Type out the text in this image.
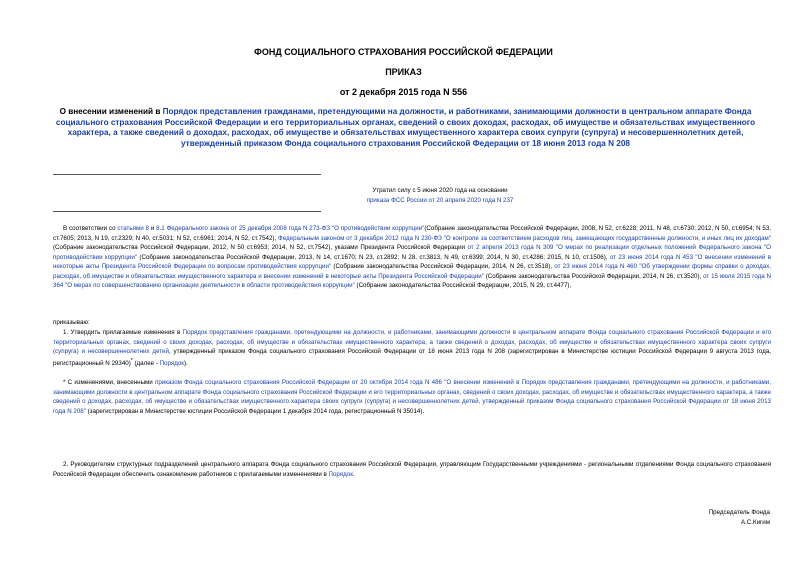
ФОНД СОЦИАЛЬНОГО СТРАХОВАНИЯ РОССИЙСКОЙ ФЕДЕРАЦИИ
ПРИКАЗ
от 2 декабря 2015 года N 556
О внесении изменений в Порядок представления гражданами, претендующими на должности, и работниками, занимающими должности в центральном аппарате Фонда социального страхования Российской Федерации и его территориальных органах, сведений о своих доходах, расходах, об имуществе и обязательствах имущественного характера, а также сведений о доходах, расходах, об имуществе и обязательствах имущественного характера своих супруги (супруга) и несовершеннолетних детей, утвержденный приказом Фонда социального страхования Российской Федерации от 18 июня 2013 года N 208
Утратил силу с 5 июня 2020 года на основании
приказа ФСС России от 20 апреля 2020 года N 237
В соответствии со статьями 8 и 8.1 Федерального закона от 25 декабря 2008 года N 273-ФЗ "О противодействии коррупции"(Собрание законодательства Российской Федерации, 2008, N 52, ст.6228; 2011, N 48, ст.6730; 2012, N 50, ст.6954; N 53, ст.7605; 2013, N 19, ст.2329; N 40, ст.5031; N 52, ст.6961; 2014, N 52, ст.7542), Федеральным законом от 3 декабря 2012 года N 230-ФЗ "О контроле за соответствием расходов лиц, замещающих государственные должности, и иных лиц их доходам" (Собрание законодательства Российской Федерации, 2012, N 50 ст.6953; 2014, N 52, ст.7542), указами Президента Российской Федерации от 2 апреля 2013 года N 309 "О мерах по реализации отдельных положений Федерального закона "О противодействии коррупции" (Собрание законодательства Российской Федерации, 2013, N 14, ст.1670; N 23, ст.2892; N 28, ст.3813, N 49, ст.6399; 2014, N 30, ст.4286; 2015, N 10, ст.1506), от 23 июня 2014 года N 453 "О внесении изменений в некоторые акты Президента Российской Федерации по вопросам противодействия коррупции" (Собрание законодательства Российской Федерации, 2014, N 26, ст.3518), от 23 июня 2014 года N 460 "Об утверждении формы справки о доходах, расходах, об имуществе и обязательствах имущественного характера и внесении изменений в некоторые акты Президента Российской Федерации" (Собрание законодательства Российской Федерации, 2014, N 26, ст.3520), от 15 июля 2015 года N 364 "О мерах по совершенствованию организации деятельности в области противодействия коррупции" (Собрание законодательства Российской Федерации, 2015, N 29, ст.4477),
приказываю:
1. Утвердить прилагаемые изменения в Порядок представления гражданами, претендующими на должности, и работниками, занимающими должности в центральном аппарате Фонда социального страхования Российской Федерации и его территориальных органах, сведений о своих доходах, расходах, об имуществе и обязательствах имущественного характера, а также сведений о доходах, расходах, об имуществе и обязательствах имущественного характера своих супруги (супруга) и несовершеннолетних детей, утвержденный приказом Фонда социального страхования Российской Федерации от 18 июня 2013 года N 208 (зарегистрирован в Министерстве юстиции Российской Федерации 9 августа 2013 года, регистрационный N 29340)* (далее - Порядок).
* С изменениями, внесенными приказом Фонда социального страхования Российской Федерации от 20 октября 2014 года N 486 "О внесении изменений в Порядок представления гражданами, претендующими на должности, и работниками, занимающими должности в центральном аппарате Фонда социального страхования Российской Федерации и его территориальных органах, сведений о своих доходах, расходах, об имуществе и обязательствах имущественного характера, а также сведений о доходах, расходах, об имуществе и обязательствах имущественного характера своих супруги (супруга) и несовершеннолетних детей, утвержденный приказом Фонда социального страхования Российской Федерации от 18 июня 2013 года N 208" (зарегистрирован в Министерстве юстиции Российской Федерации 1 декабря 2014 года, регистрационный N 35014).
2. Руководителям структурных подразделений центрального аппарата Фонда социального страхования Российской Федерации, управляющим Государственными учреждениями - региональными отделениями Фонда социального страхования Российской Федерации обеспечить ознакомление работников с прилагаемыми изменениями в Порядок.
Председатель Фонда
А.С.Кигим
